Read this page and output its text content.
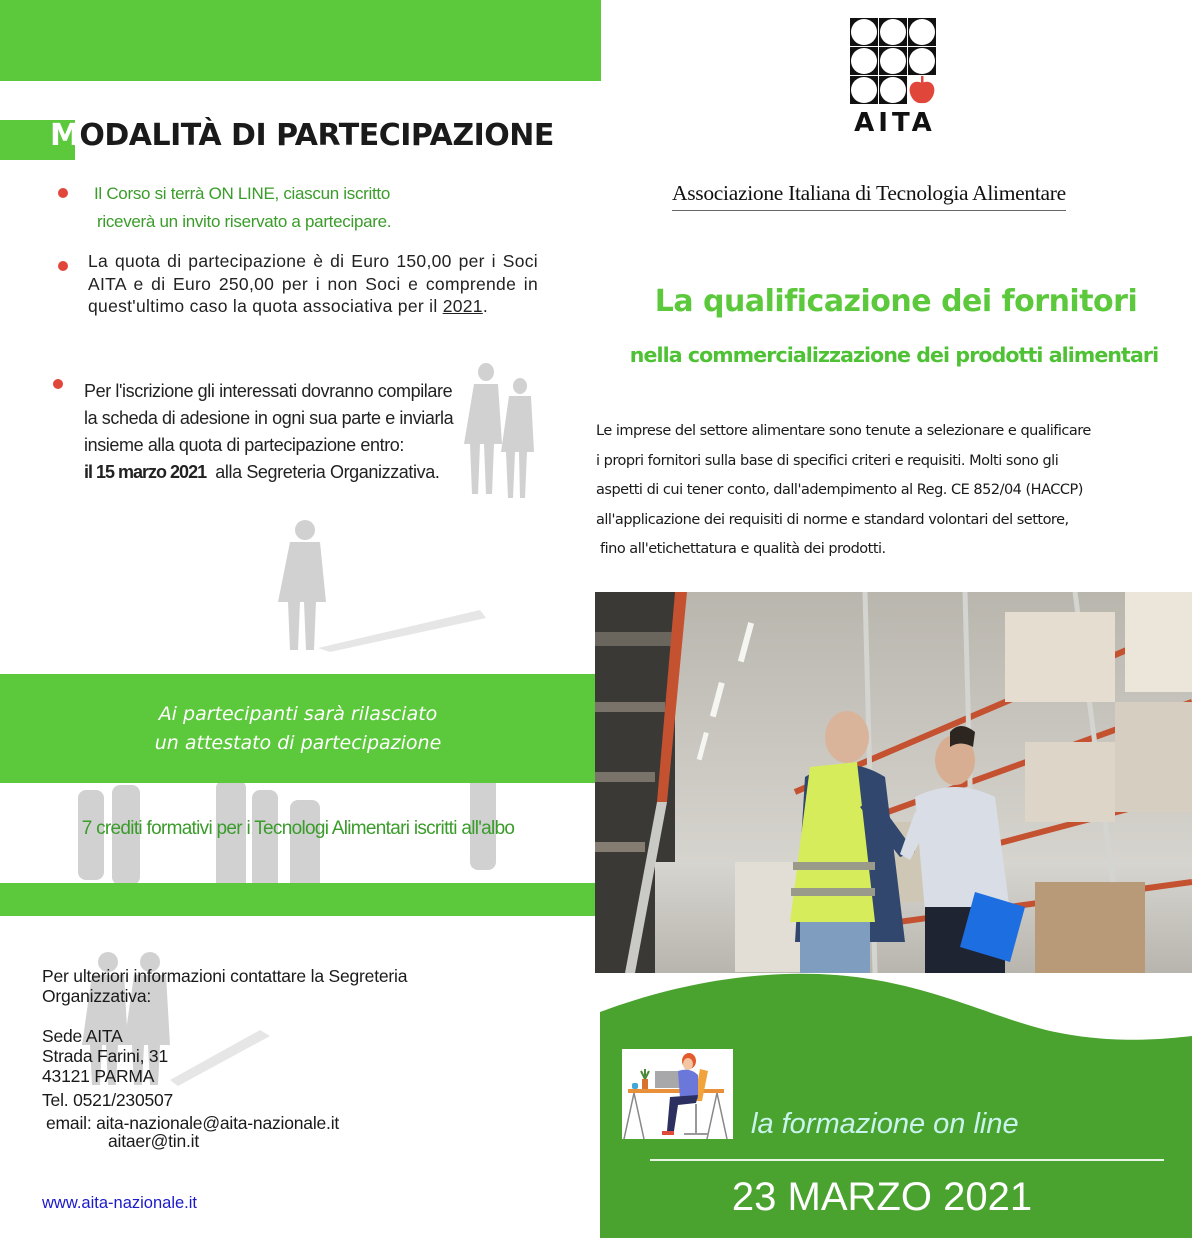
MODALITÀ DI PARTECIPAZIONE
Il Corso si terrà ON LINE, ciascun iscritto
riceverà un invito riservato a partecipare.
La quota di partecipazione è di Euro 150,00 per i Soci AITA e di Euro 250,00 per i non Soci e comprende in quest'ultimo caso la quota associativa per il 2021.
Per l'iscrizione gli interessati dovranno compilare
la scheda di adesione in ogni sua parte e inviarla
insieme alla quota di partecipazione entro:
il 15 marzo 2021 alla Segreteria Organizzativa.
Ai partecipanti sarà rilasciato
un attestato di partecipazione
7 crediti formativi per i Tecnologi Alimentari iscritti all'albo
Per ulteriori informazioni contattare la Segreteria
Organizzativa:
Sede AITA
Strada Farini, 31
43121 PARMA
Tel. 0521/230507
email: aita-nazionale@aita-nazionale.it
aitaer@tin.it
www.aita-nazionale.it
AITA
Associazione Italiana di Tecnologia Alimentare
La qualificazione dei fornitori
nella commercializzazione dei prodotti alimentari
Le imprese del settore alimentare sono tenute a selezionare e qualificare
i propri fornitori sulla base di specifici criteri e requisiti. Molti sono gli
aspetti di cui tener conto, dall'adempimento al Reg. CE 852/04 (HACCP)
all'applicazione dei requisiti di norme e standard volontari del settore,
fino all'etichettatura e qualità dei prodotti.
la formazione on line
23 MARZO 2021
